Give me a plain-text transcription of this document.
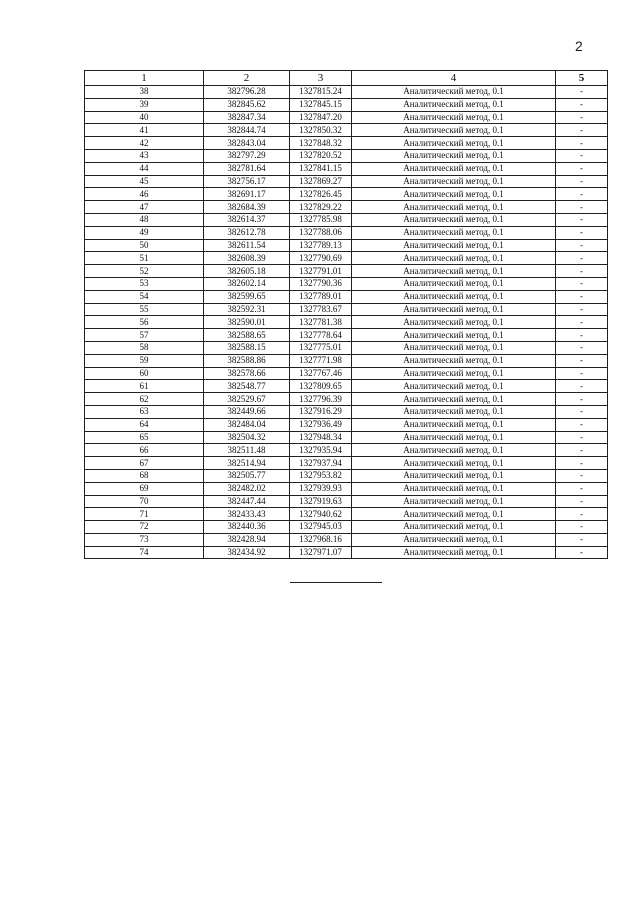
2
1	2	3	4	5
38	382796.28	1327815.24	Аналитический метод, 0.1	-
39	382845.62	1327845.15	Аналитический метод, 0.1	-
40	382847.34	1327847.20	Аналитический метод, 0.1	-
41	382844.74	1327850.32	Аналитический метод, 0.1	-
42	382843.04	1327848.32	Аналитический метод, 0.1	-
43	382797.29	1327820.52	Аналитический метод, 0.1	-
44	382781.64	1327841.15	Аналитический метод, 0.1	-
45	382756.17	1327869.27	Аналитический метод, 0.1	-
46	382691.17	1327826.45	Аналитический метод, 0.1	-
47	382684.39	1327829.22	Аналитический метод, 0.1	-
48	382614.37	1327785.98	Аналитический метод, 0.1	-
49	382612.78	1327788.06	Аналитический метод, 0.1	-
50	382611.54	1327789.13	Аналитический метод, 0.1	-
51	382608.39	1327790.69	Аналитический метод, 0.1	-
52	382605.18	1327791.01	Аналитический метод, 0.1	-
53	382602.14	1327790.36	Аналитический метод, 0.1	-
54	382599.65	1327789.01	Аналитический метод, 0.1	-
55	382592.31	1327783.67	Аналитический метод, 0.1	-
56	382590.01	1327781.38	Аналитический метод, 0.1	-
57	382588.65	1327778.64	Аналитический метод, 0.1	-
58	382588.15	1327775.01	Аналитический метод, 0.1	-
59	382588.86	1327771.98	Аналитический метод, 0.1	-
60	382578.66	1327767.46	Аналитический метод, 0.1	-
61	382548.77	1327809.65	Аналитический метод, 0.1	-
62	382529.67	1327796.39	Аналитический метод, 0.1	-
63	382449.66	1327916.29	Аналитический метод, 0.1	-
64	382484.04	1327936.49	Аналитический метод, 0.1	-
65	382504.32	1327948.34	Аналитический метод, 0.1	-
66	382511.48	1327935.94	Аналитический метод, 0.1	-
67	382514.94	1327937.94	Аналитический метод, 0.1	-
68	382505.77	1327953.82	Аналитический метод, 0.1	-
69	382482.02	1327939.93	Аналитический метод, 0.1	-
70	382447.44	1327919.63	Аналитический метод, 0.1	-
71	382433.43	1327940.62	Аналитический метод, 0.1	-
72	382440.36	1327945.03	Аналитический метод, 0.1	-
73	382428.94	1327968.16	Аналитический метод, 0.1	-
74	382434.92	1327971.07	Аналитический метод, 0.1	-
